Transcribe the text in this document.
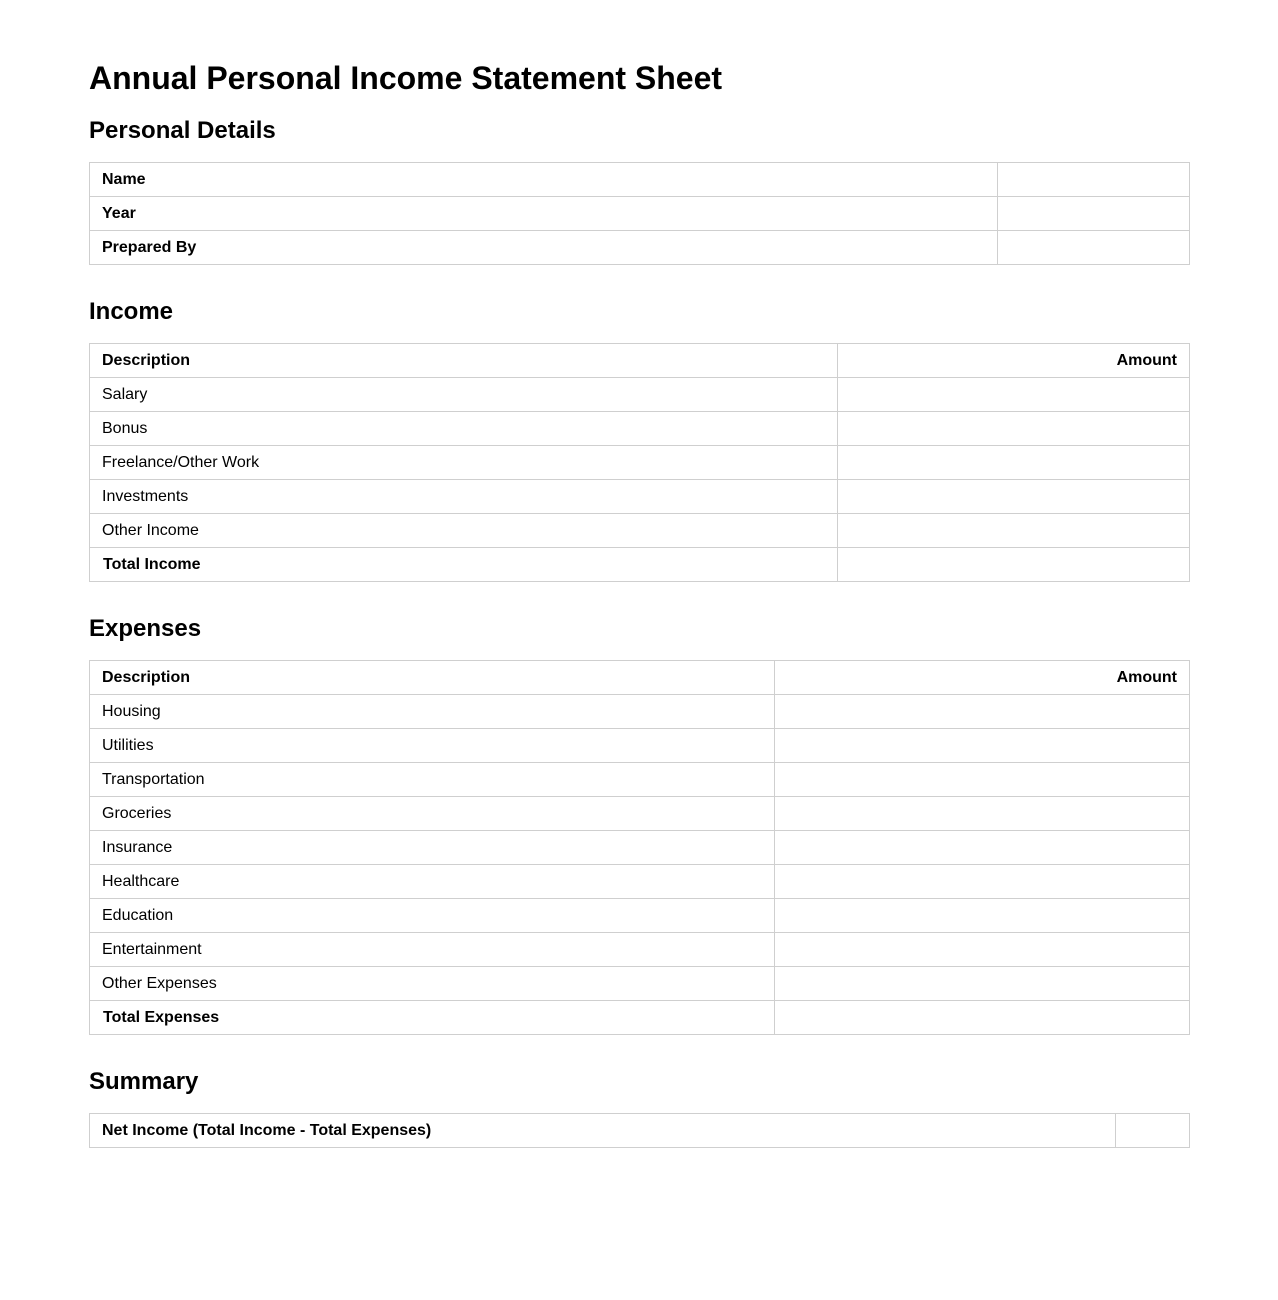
Annual Personal Income Statement Sheet
Personal Details
Name	
Year	
Prepared By	
Income
Description	Amount
Salary	
Bonus	
Freelance/Other Work	
Investments	
Other Income	
Total Income	
Expenses
Description	Amount
Housing	
Utilities	
Transportation	
Groceries	
Insurance	
Healthcare	
Education	
Entertainment	
Other Expenses	
Total Expenses	
Summary
Net Income (Total Income - Total Expenses)	
